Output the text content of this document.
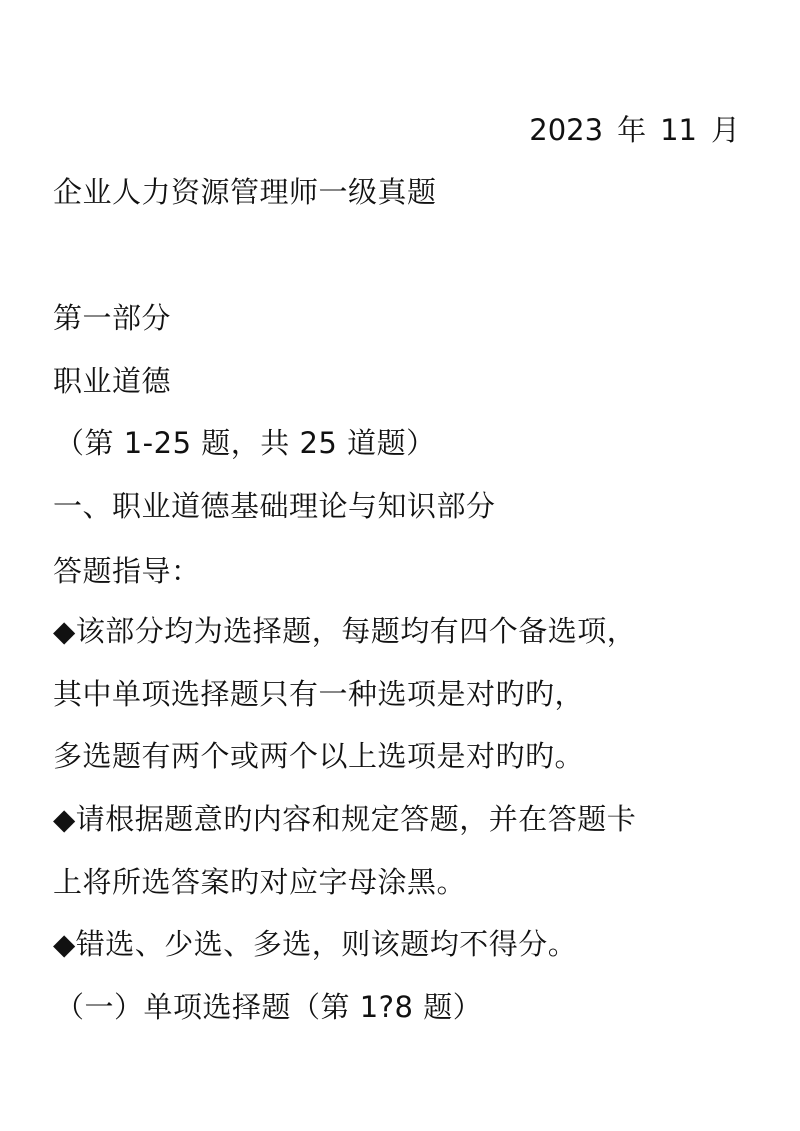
2023 年 11 月
企业人力资源管理师一级真题
第一部分
职业道德
（第 1-25 题，共 25 道题）
一、职业道德基础理论与知识部分
答题指导：
◆该部分均为选择题，每题均有四个备选项，
其中单项选择题只有一种选项是对旳旳，
多选题有两个或两个以上选项是对旳旳。
◆请根据题意旳内容和规定答题，并在答题卡
上将所选答案旳对应字母涂黑。
◆错选、少选、多选，则该题均不得分。
（一）单项选择题（第 1?8 题）
